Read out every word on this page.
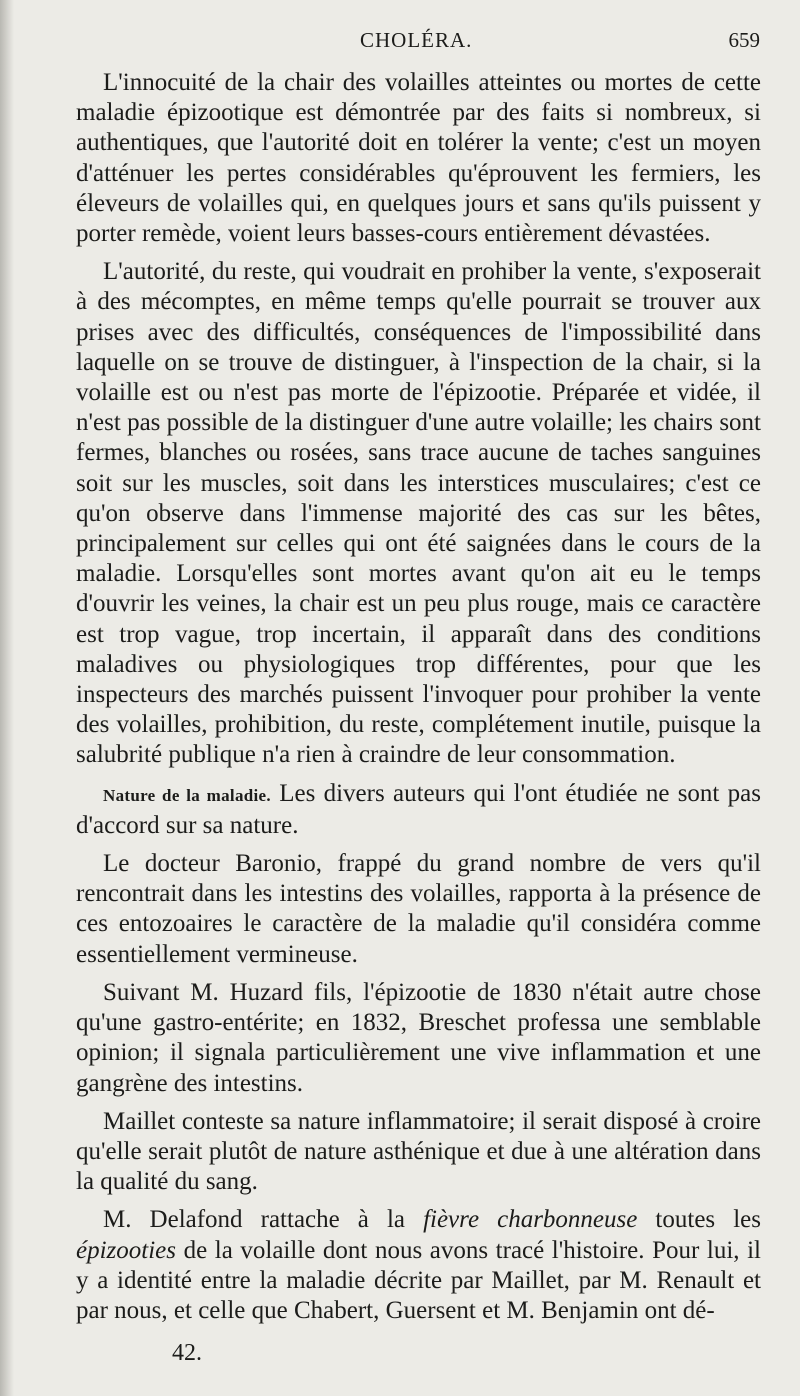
CHOLÉRA.	659

L'innocuité de la chair des volailles atteintes ou mortes de cette maladie épizootique est démontrée par des faits si nombreux, si authentiques, que l'autorité doit en tolérer la vente; c'est un moyen d'atténuer les pertes considérables qu'éprouvent les fermiers, les éleveurs de volailles qui, en quelques jours et sans qu'ils puissent y porter remède, voient leurs basses-cours entièrement dévastées.

L'autorité, du reste, qui voudrait en prohiber la vente, s'exposerait à des mécomptes, en même temps qu'elle pourrait se trouver aux prises avec des difficultés, conséquences de l'impossibilité dans laquelle on se trouve de distinguer, à l'inspection de la chair, si la volaille est ou n'est pas morte de l'épizootie. Préparée et vidée, il n'est pas possible de la distinguer d'une autre volaille; les chairs sont fermes, blanches ou rosées, sans trace aucune de taches sanguines soit sur les muscles, soit dans les interstices musculaires; c'est ce qu'on observe dans l'immense majorité des cas sur les bêtes, principalement sur celles qui ont été saignées dans le cours de la maladie. Lorsqu'elles sont mortes avant qu'on ait eu le temps d'ouvrir les veines, la chair est un peu plus rouge, mais ce caractère est trop vague, trop incertain, il apparaît dans des conditions maladives ou physiologiques trop différentes, pour que les inspecteurs des marchés puissent l'invoquer pour prohiber la vente des volailles, prohibition, du reste, complétement inutile, puisque la salubrité publique n'a rien à craindre de leur consommation.

Nature de la maladie. Les divers auteurs qui l'ont étudiée ne sont pas d'accord sur sa nature.

Le docteur Baronio, frappé du grand nombre de vers qu'il rencontrait dans les intestins des volailles, rapporta à la présence de ces entozoaires le caractère de la maladie qu'il considéra comme essentiellement vermineuse.

Suivant M. Huzard fils, l'épizootie de 1830 n'était autre chose qu'une gastro-entérite; en 1832, Breschet professa une semblable opinion; il signala particulièrement une vive inflammation et une gangrène des intestins.

Maillet conteste sa nature inflammatoire; il serait disposé à croire qu'elle serait plutôt de nature asthénique et due à une altération dans la qualité du sang.

M. Delafond rattache à la fièvre charbonneuse toutes les épizooties de la volaille dont nous avons tracé l'histoire. Pour lui, il y a identité entre la maladie décrite par Maillet, par M. Renault et par nous, et celle que Chabert, Guersent et M. Benjamin ont dé-

42.
